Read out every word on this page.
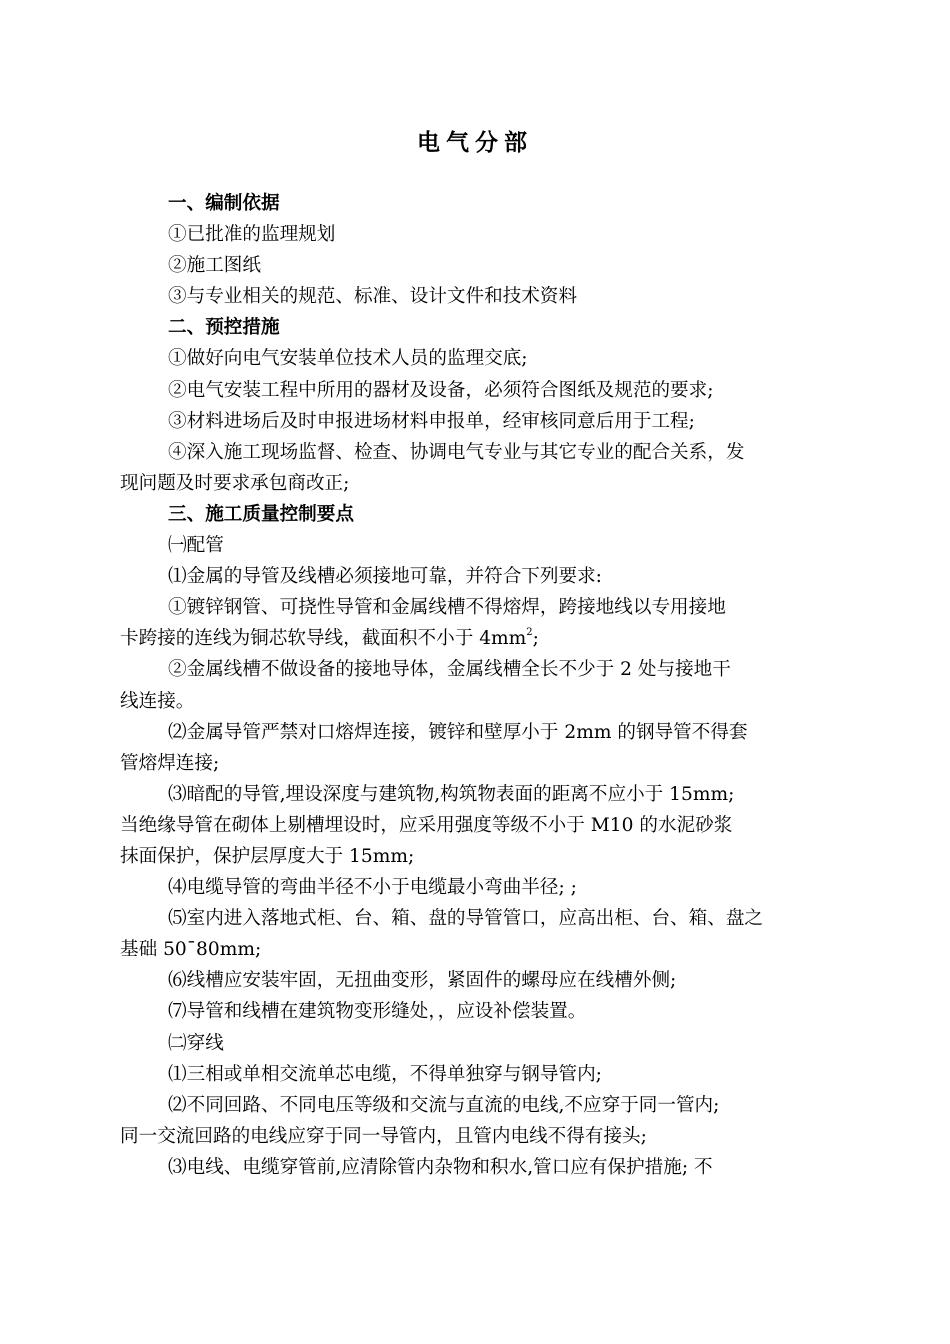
电气分部
一、编制依据
①已批准的监理规划
②施工图纸
③与专业相关的规范、标准、设计文件和技术资料
二、预控措施
①做好向电气安装单位技术人员的监理交底;
②电气安装工程中所用的器材及设备，必须符合图纸及规范的要求;
③材料进场后及时申报进场材料申报单，经审核同意后用于工程;
④深入施工现场监督、检查、协调电气专业与其它专业的配合关系，发
现问题及时要求承包商改正;
三、施工质量控制要点
㈠配管
⑴金属的导管及线槽必须接地可靠，并符合下列要求:
①镀锌钢管、可挠性导管和金属线槽不得熔焊，跨接地线以专用接地
卡跨接的连线为铜芯软导线，截面积不小于 $4mm^2$;
②金属线槽不做设备的接地导体，金属线槽全长不少于 2 处与接地干
线连接。
⑵金属导管严禁对口熔焊连接，镀锌和壁厚小于 2mm 的钢导管不得套
管熔焊连接;
⑶暗配的导管,埋设深度与建筑物,构筑物表面的距离不应小于 15mm;
当绝缘导管在砌体上剔槽埋设时，应采用强度等级不小于 M10 的水泥砂浆
抹面保护，保护层厚度大于 15mm;
⑷电缆导管的弯曲半径不小于电缆最小弯曲半径; ;
⑸室内进入落地式柜、台、箱、盘的导管管口，应高出柜、台、箱、盘之
基础 50¯80mm;
⑹线槽应安装牢固，无扭曲变形，紧固件的螺母应在线槽外侧;
⑺导管和线槽在建筑物变形缝处，，应设补偿装置。
㈡穿线
⑴三相或单相交流单芯电缆，不得单独穿与钢导管内;
⑵不同回路、不同电压等级和交流与直流的电线,不应穿于同一管内;
同一交流回路的电线应穿于同一导管内，且管内电线不得有接头;
⑶电线、电缆穿管前,应清除管内杂物和积水,管口应有保护措施; 不
